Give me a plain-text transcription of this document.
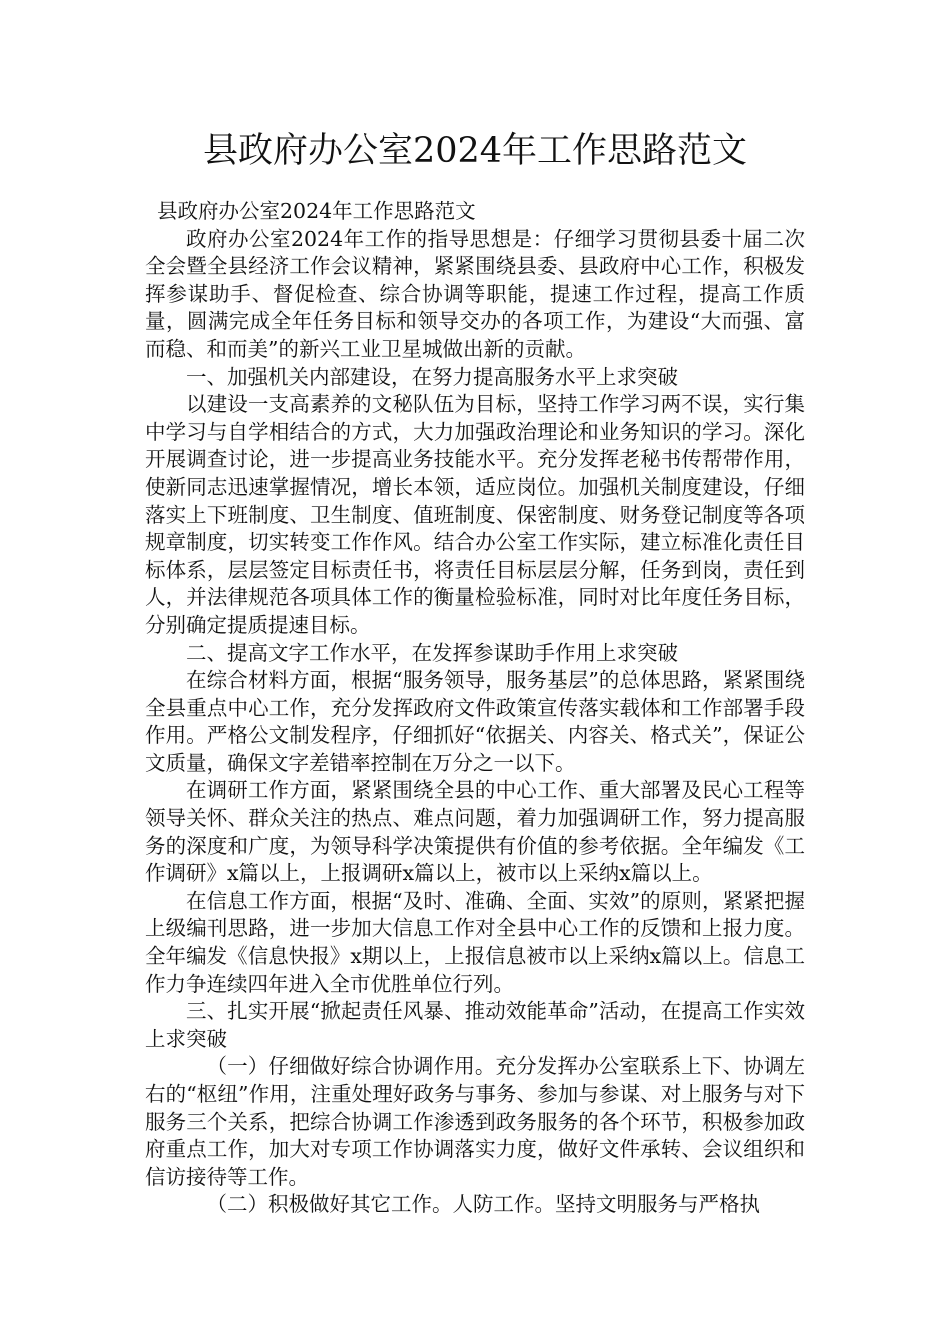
县政府办公室2024年工作思路范文

县政府办公室2024年工作思路范文

政府办公室2024年工作的指导思想是：仔细学习贯彻县委十届二次全会暨全县经济工作会议精神，紧紧围绕县委、县政府中心工作，积极发挥参谋助手、督促检查、综合协调等职能，提速工作过程，提高工作质量，圆满完成全年任务目标和领导交办的各项工作，为建设“大而强、富而稳、和而美”的新兴工业卫星城做出新的贡献。

一、加强机关内部建设，在努力提高服务水平上求突破

以建设一支高素养的文秘队伍为目标，坚持工作学习两不误，实行集中学习与自学相结合的方式，大力加强政治理论和业务知识的学习。深化开展调查讨论，进一步提高业务技能水平。充分发挥老秘书传帮带作用，使新同志迅速掌握情况，增长本领，适应岗位。加强机关制度建设，仔细落实上下班制度、卫生制度、值班制度、保密制度、财务登记制度等各项规章制度，切实转变工作作风。结合办公室工作实际，建立标准化责任目标体系，层层签定目标责任书，将责任目标层层分解，任务到岗，责任到人，并法律规范各项具体工作的衡量检验标准，同时对比年度任务目标，分别确定提质提速目标。

二、提高文字工作水平，在发挥参谋助手作用上求突破

在综合材料方面，根据“服务领导，服务基层”的总体思路，紧紧围绕全县重点中心工作，充分发挥政府文件政策宣传落实载体和工作部署手段作用。严格公文制发程序，仔细抓好“依据关、内容关、格式关”，保证公文质量，确保文字差错率控制在万分之一以下。

在调研工作方面，紧紧围绕全县的中心工作、重大部署及民心工程等领导关怀、群众关注的热点、难点问题，着力加强调研工作，努力提高服务的深度和广度，为领导科学决策提供有价值的参考依据。全年编发《工作调研》x篇以上，上报调研x篇以上，被市以上采纳x篇以上。

在信息工作方面，根据“及时、准确、全面、实效”的原则，紧紧把握上级编刊思路，进一步加大信息工作对全县中心工作的反馈和上报力度。全年编发《信息快报》x期以上，上报信息被市以上采纳x篇以上。信息工作力争连续四年进入全市优胜单位行列。

三、扎实开展“掀起责任风暴、推动效能革命”活动，在提高工作实效上求突破

（一）仔细做好综合协调作用。充分发挥办公室联系上下、协调左右的“枢纽”作用，注重处理好政务与事务、参加与参谋、对上服务与对下服务三个关系，把综合协调工作渗透到政务服务的各个环节，积极参加政府重点工作，加大对专项工作协调落实力度，做好文件承转、会议组织和信访接待等工作。

（二）积极做好其它工作。人防工作。坚持文明服务与严格执
